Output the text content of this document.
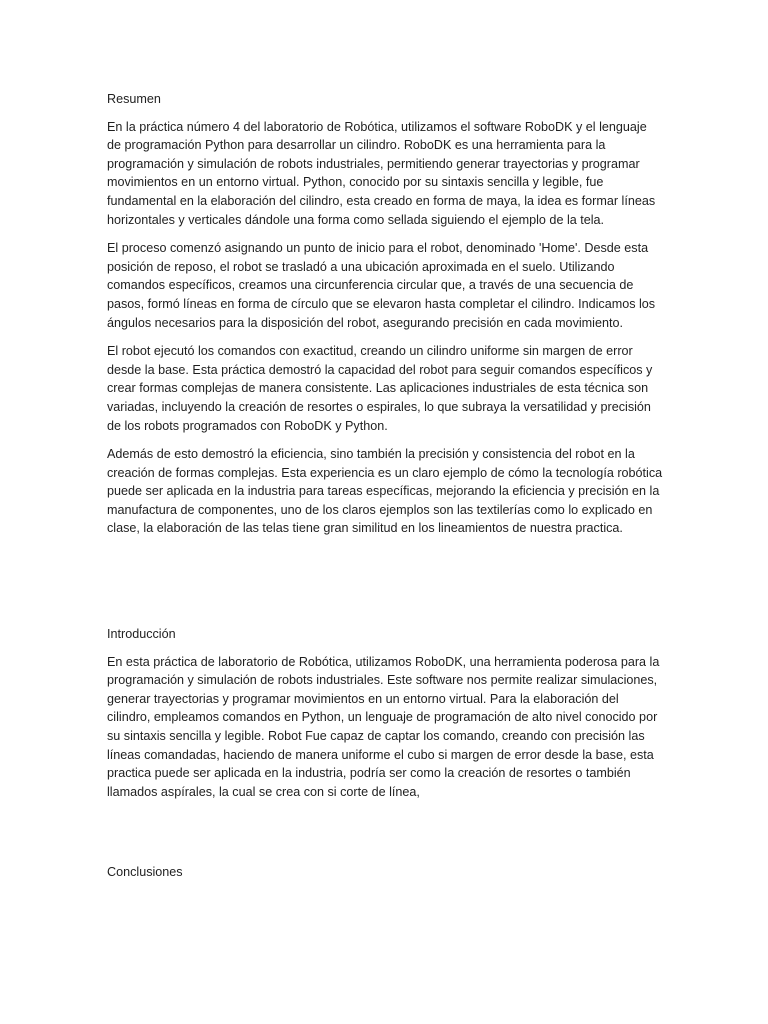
Resumen

En la práctica número 4 del laboratorio de Robótica, utilizamos el software RoboDK y el lenguaje de programación Python para desarrollar un cilindro. RoboDK es una herramienta para la programación y simulación de robots industriales, permitiendo generar trayectorias y programar movimientos en un entorno virtual. Python, conocido por su sintaxis sencilla y legible, fue fundamental en la elaboración del cilindro, esta creado en forma de maya, la idea es formar líneas horizontales y verticales dándole una forma como sellada siguiendo el ejemplo de la tela.

El proceso comenzó asignando un punto de inicio para el robot, denominado 'Home'. Desde esta posición de reposo, el robot se trasladó a una ubicación aproximada en el suelo. Utilizando comandos específicos, creamos una circunferencia circular que, a través de una secuencia de pasos, formó líneas en forma de círculo que se elevaron hasta completar el cilindro. Indicamos los ángulos necesarios para la disposición del robot, asegurando precisión en cada movimiento.

El robot ejecutó los comandos con exactitud, creando un cilindro uniforme sin margen de error desde la base. Esta práctica demostró la capacidad del robot para seguir comandos específicos y crear formas complejas de manera consistente. Las aplicaciones industriales de esta técnica son variadas, incluyendo la creación de resortes o espirales, lo que subraya la versatilidad y precisión de los robots programados con RoboDK y Python.

Además de esto demostró la eficiencia, sino también la precisión y consistencia del robot en la creación de formas complejas. Esta experiencia es un claro ejemplo de cómo la tecnología robótica puede ser aplicada en la industria para tareas específicas, mejorando la eficiencia y precisión en la manufactura de componentes, uno de los claros ejemplos son las textilerías como lo explicado en clase, la elaboración de las telas tiene gran similitud en los lineamientos de nuestra practica.

Introducción

En esta práctica de laboratorio de Robótica, utilizamos RoboDK, una herramienta poderosa para la programación y simulación de robots industriales. Este software nos permite realizar simulaciones, generar trayectorias y programar movimientos en un entorno virtual. Para la elaboración del cilindro, empleamos comandos en Python, un lenguaje de programación de alto nivel conocido por su sintaxis sencilla y legible. Robot Fue capaz de captar los comando, creando con precisión las líneas comandadas, haciendo de manera uniforme el cubo si margen de error desde la base, esta practica puede ser aplicada en la industria, podría ser como la creación de resortes o también llamados aspírales, la cual se crea con si corte de línea,

Conclusiones
